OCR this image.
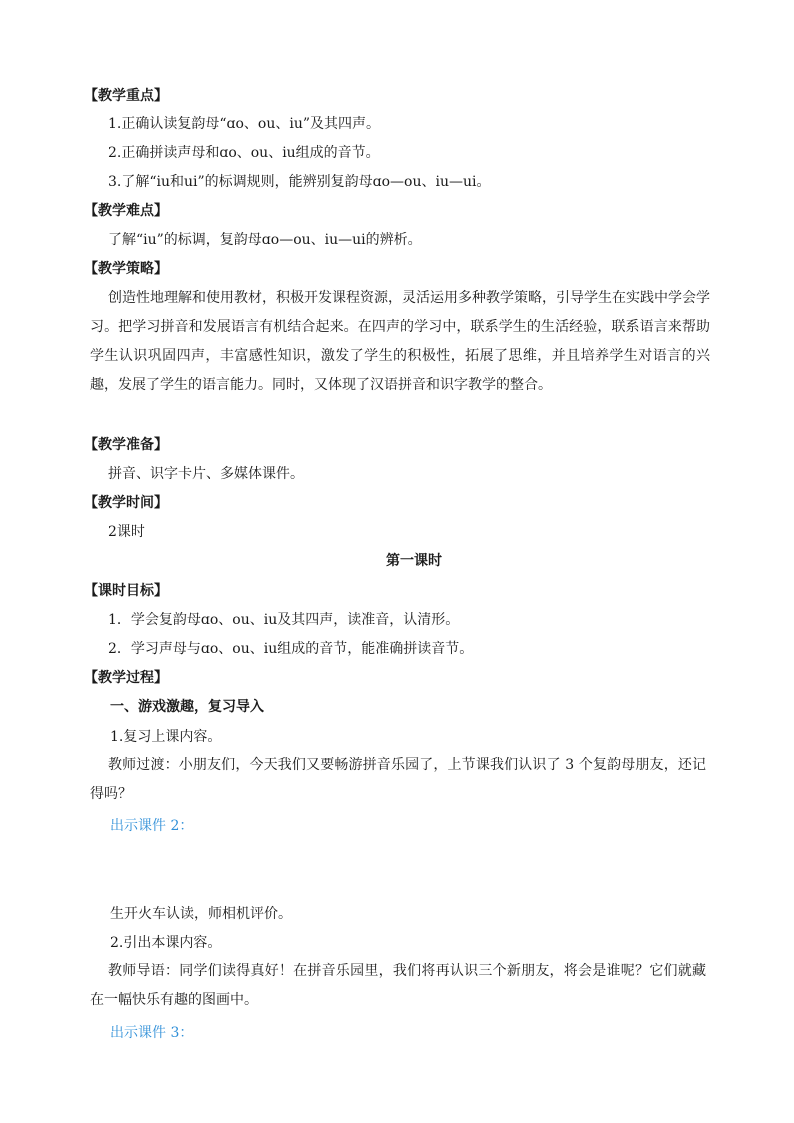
【教学重点】
1.正确认读复韵母“ɑo、ou、iu”及其四声。
2.正确拼读声母和ɑo、ou、iu组成的音节。
3.了解“iu和ui”的标调规则，能辨别复韵母ɑo—ou、iu—ui。
【教学难点】
了解“iu”的标调，复韵母ɑo—ou、iu—ui的辨析。
【教学策略】
创造性地理解和使用教材，积极开发课程资源，灵活运用多种教学策略，引导学生在实践中学会学习。把学习拼音和发展语言有机结合起来。在四声的学习中，联系学生的生活经验，联系语言来帮助学生认识巩固四声，丰富感性知识，激发了学生的积极性，拓展了思维，并且培养学生对语言的兴趣，发展了学生的语言能力。同时，又体现了汉语拼音和识字教学的整合。
【教学准备】
拼音、识字卡片、多媒体课件。
【教学时间】
2课时
第一课时
【课时目标】
1．学会复韵母ɑo、ou、iu及其四声，读准音，认清形。
2．学习声母与ɑo、ou、iu组成的音节，能准确拼读音节。
【教学过程】
一、游戏激趣，复习导入
1.复习上课内容。
教师过渡：小朋友们，今天我们又要畅游拼音乐园了，上节课我们认识了 3 个复韵母朋友，还记得吗？
出示课件 2：
生开火车认读，师相机评价。
2.引出本课内容。
教师导语：同学们读得真好！在拼音乐园里，我们将再认识三个新朋友，将会是谁呢？它们就藏在一幅快乐有趣的图画中。
出示课件 3：
